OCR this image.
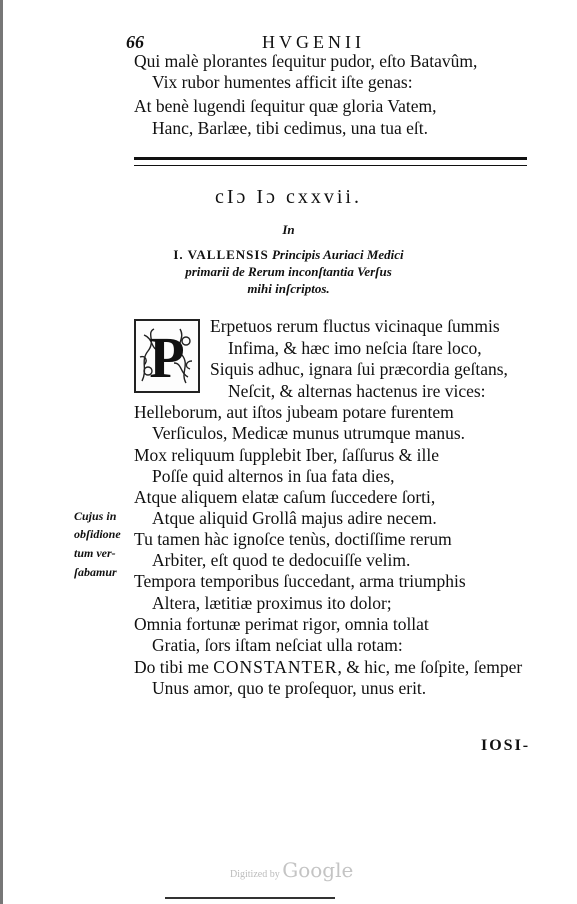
66	HVGENII
Qui malè plorantes ſequitur pudor, eſto Batavûm,
Vix rubor humentes afficit iſte genas:
At benè lugendi ſequitur quæ gloria Vatem,
Hanc, Barlæe, tibi cedimus, una tua eſt.
cIɔ Iɔ cxxvii.
In
I. VALLENSIS Principis Auriaci Medici
primarii de Rerum inconſtantia Verſus
mihi inſcriptos.
P Erpetuos rerum fluctus vicinaque ſummis
Infima, & hæc imo neſcia ſtare loco,
Siquis adhuc, ignara ſui præcordia geſtans,
Neſcit, & alternas hactenus ire vices:
Helleborum, aut iſtos jubeam potare furentem
Verſiculos, Medicæ munus utrumque manus.
Mox reliquum ſupplebit Iber, ſaſſurus & ille
Poſſe quid alternos in ſua fata dies,
Atque aliquem elatæ caſum ſuccedere ſorti,
Atque aliquid Grollâ majus adire necem.
Tu tamen hàc ignoſce tenùs, doctiſſime rerum
Arbiter, eſt quod te dedocuiſſe velim.
Tempora temporibus ſuccedant, arma triumphis
Altera, lætitiæ proximus ito dolor;
Omnia fortunæ perimat rigor, omnia tollat
Gratia, ſors iſtam neſciat ulla rotam:
Do tibi me CONSTANTER, & hic, me ſoſpite, ſemper
Unus amor, quo te proſequor, unus erit.
Cujus in
obſidione
tum ver-
ſabamur
IOSI-
Digitized by Google
